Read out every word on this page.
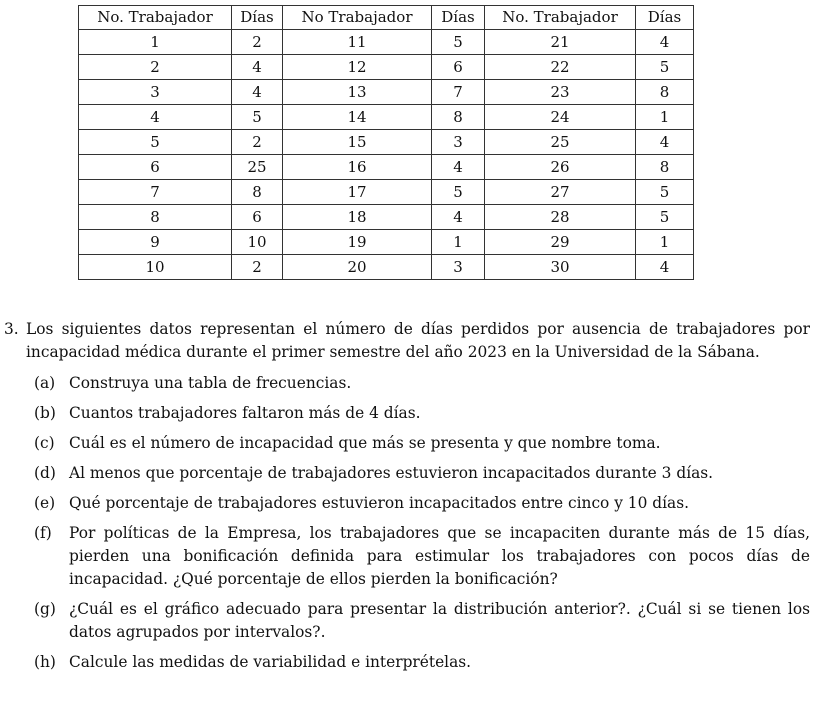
No. Trabajador	Días	No Trabajador	Días	No. Trabajador	Días
1	2	11	5	21	4
2	4	12	6	22	5
3	4	13	7	23	8
4	5	14	8	24	1
5	2	15	3	25	4
6	25	16	4	26	8
7	8	17	5	27	5
8	6	18	4	28	5
9	10	19	1	29	1
10	2	20	3	30	4
3. Los siguientes datos representan el número de días perdidos por ausencia de trabajadores por incapacidad médica durante el primer semestre del año 2023 en la Universidad de la Sábana.
(a) Construya una tabla de frecuencias.
(b) Cuantos trabajadores faltaron más de 4 días.
(c) Cuál es el número de incapacidad que más se presenta y que nombre toma.
(d) Al menos que porcentaje de trabajadores estuvieron incapacitados durante 3 días.
(e) Qué porcentaje de trabajadores estuvieron incapacitados entre cinco y 10 días.
(f) Por políticas de la Empresa, los trabajadores que se incapaciten durante más de 15 días, pierden una bonificación definida para estimular los trabajadores con pocos días de incapacidad. ¿Qué porcentaje de ellos pierden la bonificación?
(g) ¿Cuál es el gráfico adecuado para presentar la distribución anterior?. ¿Cuál si se tienen los datos agrupados por intervalos?.
(h) Calcule las medidas de variabilidad e interprételas.
